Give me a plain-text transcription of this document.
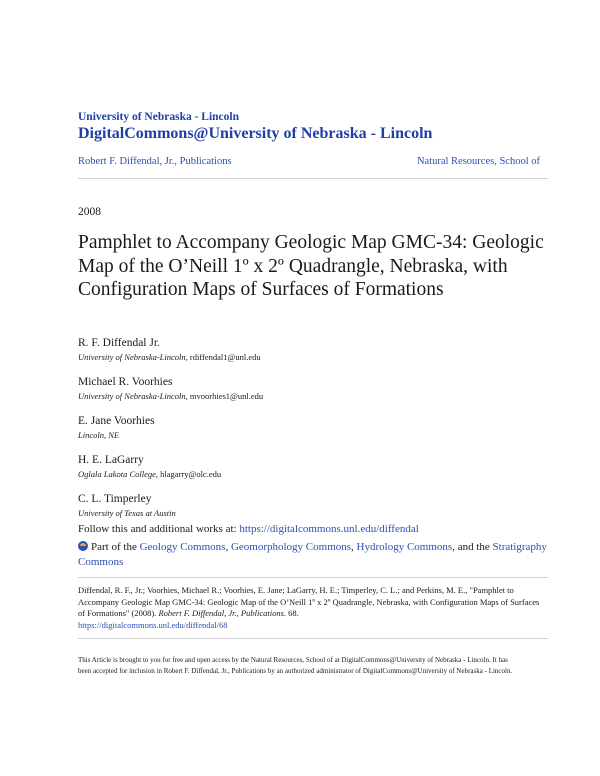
University of Nebraska - Lincoln
DigitalCommons@University of Nebraska - Lincoln
Robert F. Diffendal, Jr., Publications	Natural Resources, School of
2008
Pamphlet to Accompany Geologic Map GMC-34: Geologic Map of the O’Neill 1º x 2º Quadrangle, Nebraska, with Configuration Maps of Surfaces of Formations
R. F. Diffendal Jr.
University of Nebraska-Lincoln, rdiffendal1@unl.edu
Michael R. Voorhies
University of Nebraska-Lincoln, mvoorhies1@unl.edu
E. Jane Voorhies
Lincoln, NE
H. E. LaGarry
Oglala Lakota College, hlagarry@olc.edu
C. L. Timperley
University of Texas at Austin
Follow this and additional works at: https://digitalcommons.unl.edu/diffendal
Part of the Geology Commons, Geomorphology Commons, Hydrology Commons, and the Stratigraphy Commons
Diffendal, R. F., Jr.; Voorhies, Michael R.; Voorhies, E. Jane; LaGarry, H. E.; Timperley, C. L.; and Perkins, M. E., "Pamphlet to Accompany Geologic Map GMC-34: Geologic Map of the O’Neill 1º x 2º Quadrangle, Nebraska, with Configuration Maps of Surfaces of Formations" (2008). Robert F. Diffendal, Jr., Publications. 68.
https://digitalcommons.unl.edu/diffendal/68
This Article is brought to you for free and open access by the Natural Resources, School of at DigitalCommons@University of Nebraska - Lincoln. It has been accepted for inclusion in Robert F. Diffendal, Jr., Publications by an authorized administrator of DigitalCommons@University of Nebraska - Lincoln.
